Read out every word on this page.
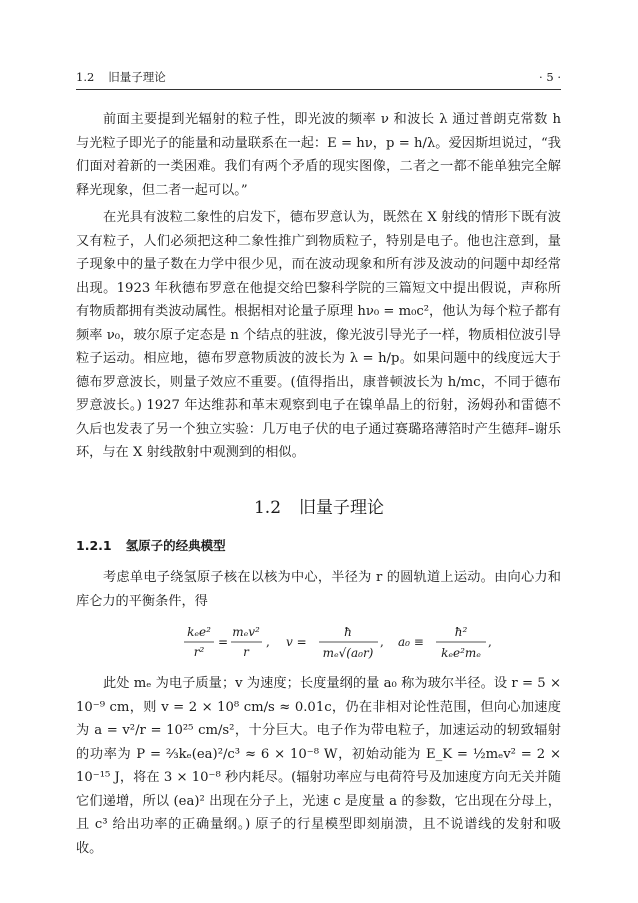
1.2 旧量子理论	· 5 ·

前面主要提到光辐射的粒子性，即光波的频率 ν 和波长 λ 通过普朗克常数 h 与光粒子即光子的能量和动量联系在一起：E = hν，p = h/λ。爱因斯坦说过，“我们面对着新的一类困难。我们有两个矛盾的现实图像，二者之一都不能单独完全解释光现象，但二者一起可以。”

在光具有波粒二象性的启发下，德布罗意认为，既然在 X 射线的情形下既有波又有粒子，人们必须把这种二象性推广到物质粒子，特别是电子。他也注意到，量子现象中的量子数在力学中很少见，而在波动现象和所有涉及波动的问题中却经常出现。1923 年秋德布罗意在他提交给巴黎科学院的三篇短文中提出假说，声称所有物质都拥有类波动属性。根据相对论量子原理 hν₀ = m₀c²，他认为每个粒子都有频率 ν₀，玻尔原子定态是 n 个结点的驻波，像光波引导光子一样，物质相位波引导粒子运动。相应地，德布罗意物质波的波长为 λ = h/p。如果问题中的线度远大于德布罗意波长，则量子效应不重要。(值得指出，康普顿波长为 h/mc，不同于德布罗意波长。) 1927 年达维荪和革末观察到电子在镍单晶上的衍射，汤姆孙和雷德不久后也发表了另一个独立实验：几万电子伏的电子通过赛璐珞薄箔时产生德拜–谢乐环，与在 X 射线散射中观测到的相似。

1.2 旧量子理论
1.2.1 氢原子的经典模型

考虑单电子绕氢原子核在以核为中心，半径为 r 的圆轨道上运动。由向心力和库仑力的平衡条件，得

kₑe²
r²
=
mₑv²
r
, v =
ħ
mₑ√(a₀r)
, a₀ ≡
ħ²
kₑe²mₑ
,

此处 mₑ 为电子质量；v 为速度；长度量纲的量 a₀ 称为玻尔半径。设 r = 5 × 10⁻⁹ cm，则 v = 2 × 10⁸ cm/s ≈ 0.01c，仍在非相对论性范围，但向心加速度为 a = v²/r = 10²⁵ cm/s²，十分巨大。电子作为带电粒子，加速运动的轫致辐射的功率为 P = ⅔kₑ(ea)²/c³ ≈ 6 × 10⁻⁸ W，初始动能为 E_K = ½mₑv² = 2 × 10⁻¹⁵ J，将在 3 × 10⁻⁸ 秒内耗尽。(辐射功率应与电荷符号及加速度方向无关并随它们递增，所以 (ea)² 出现在分子上，光速 c 是度量 a 的参数，它出现在分母上，且 c³ 给出功率的正确量纲。) 原子的行星模型即刻崩溃，且不说谱线的发射和吸收。
